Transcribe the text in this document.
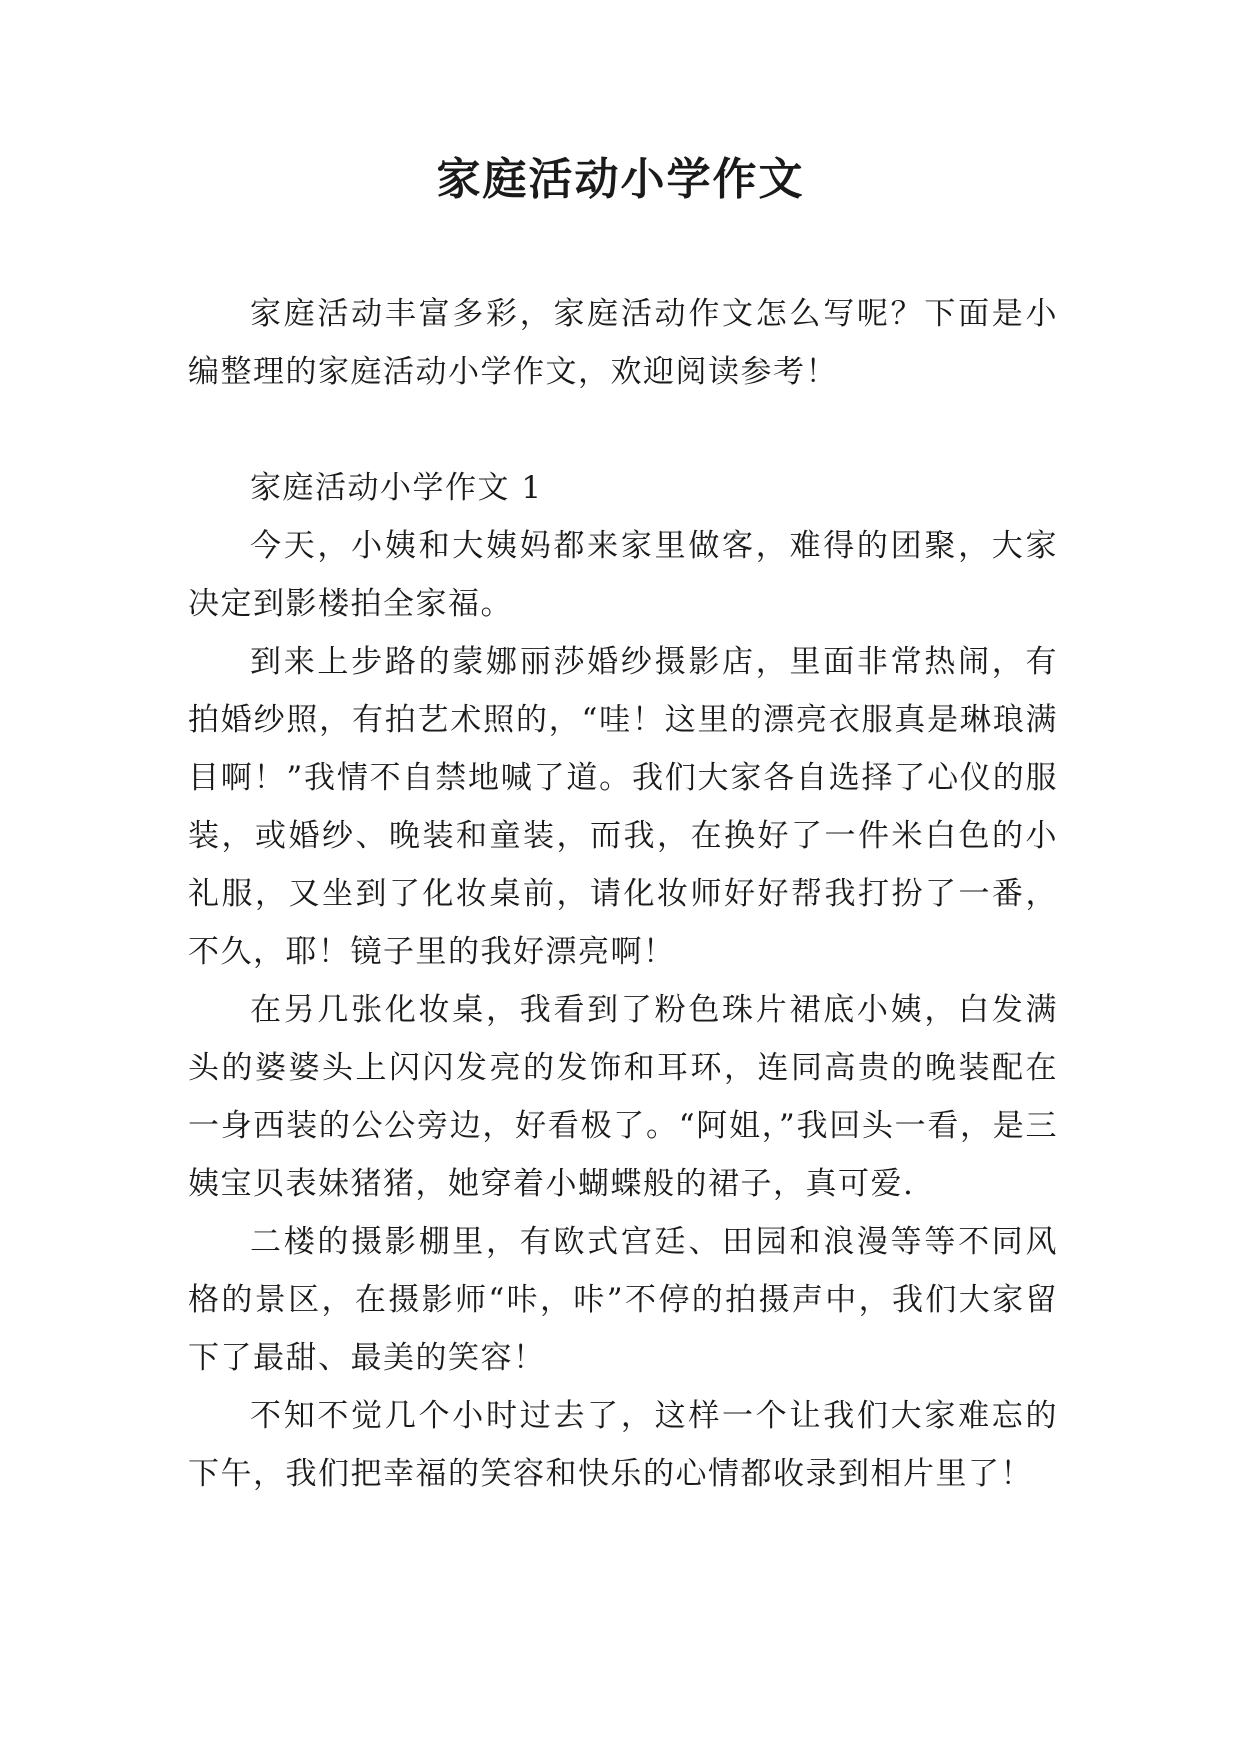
家庭活动小学作文

家庭活动丰富多彩，家庭活动作文怎么写呢？下面是小编整理的家庭活动小学作文，欢迎阅读参考！

家庭活动小学作文 1

今天，小姨和大姨妈都来家里做客，难得的团聚，大家决定到影楼拍全家福。

到来上步路的蒙娜丽莎婚纱摄影店，里面非常热闹，有拍婚纱照，有拍艺术照的，“哇！这里的漂亮衣服真是琳琅满目啊！”我情不自禁地喊了道。我们大家各自选择了心仪的服装，或婚纱、晚装和童装，而我，在换好了一件米白色的小礼服，又坐到了化妆桌前，请化妆师好好帮我打扮了一番，不久，耶！镜子里的我好漂亮啊！

在另几张化妆桌，我看到了粉色珠片裙底小姨，白发满头的婆婆头上闪闪发亮的发饰和耳环，连同高贵的晚装配在一身西装的公公旁边，好看极了。“阿姐，”我回头一看，是三姨宝贝表妹猪猪，她穿着小蝴蝶般的裙子，真可爱.

二楼的摄影棚里，有欧式宫廷、田园和浪漫等等不同风格的景区，在摄影师“咔，咔”不停的拍摄声中，我们大家留下了最甜、最美的笑容！

不知不觉几个小时过去了，这样一个让我们大家难忘的下午，我们把幸福的笑容和快乐的心情都收录到相片里了！
